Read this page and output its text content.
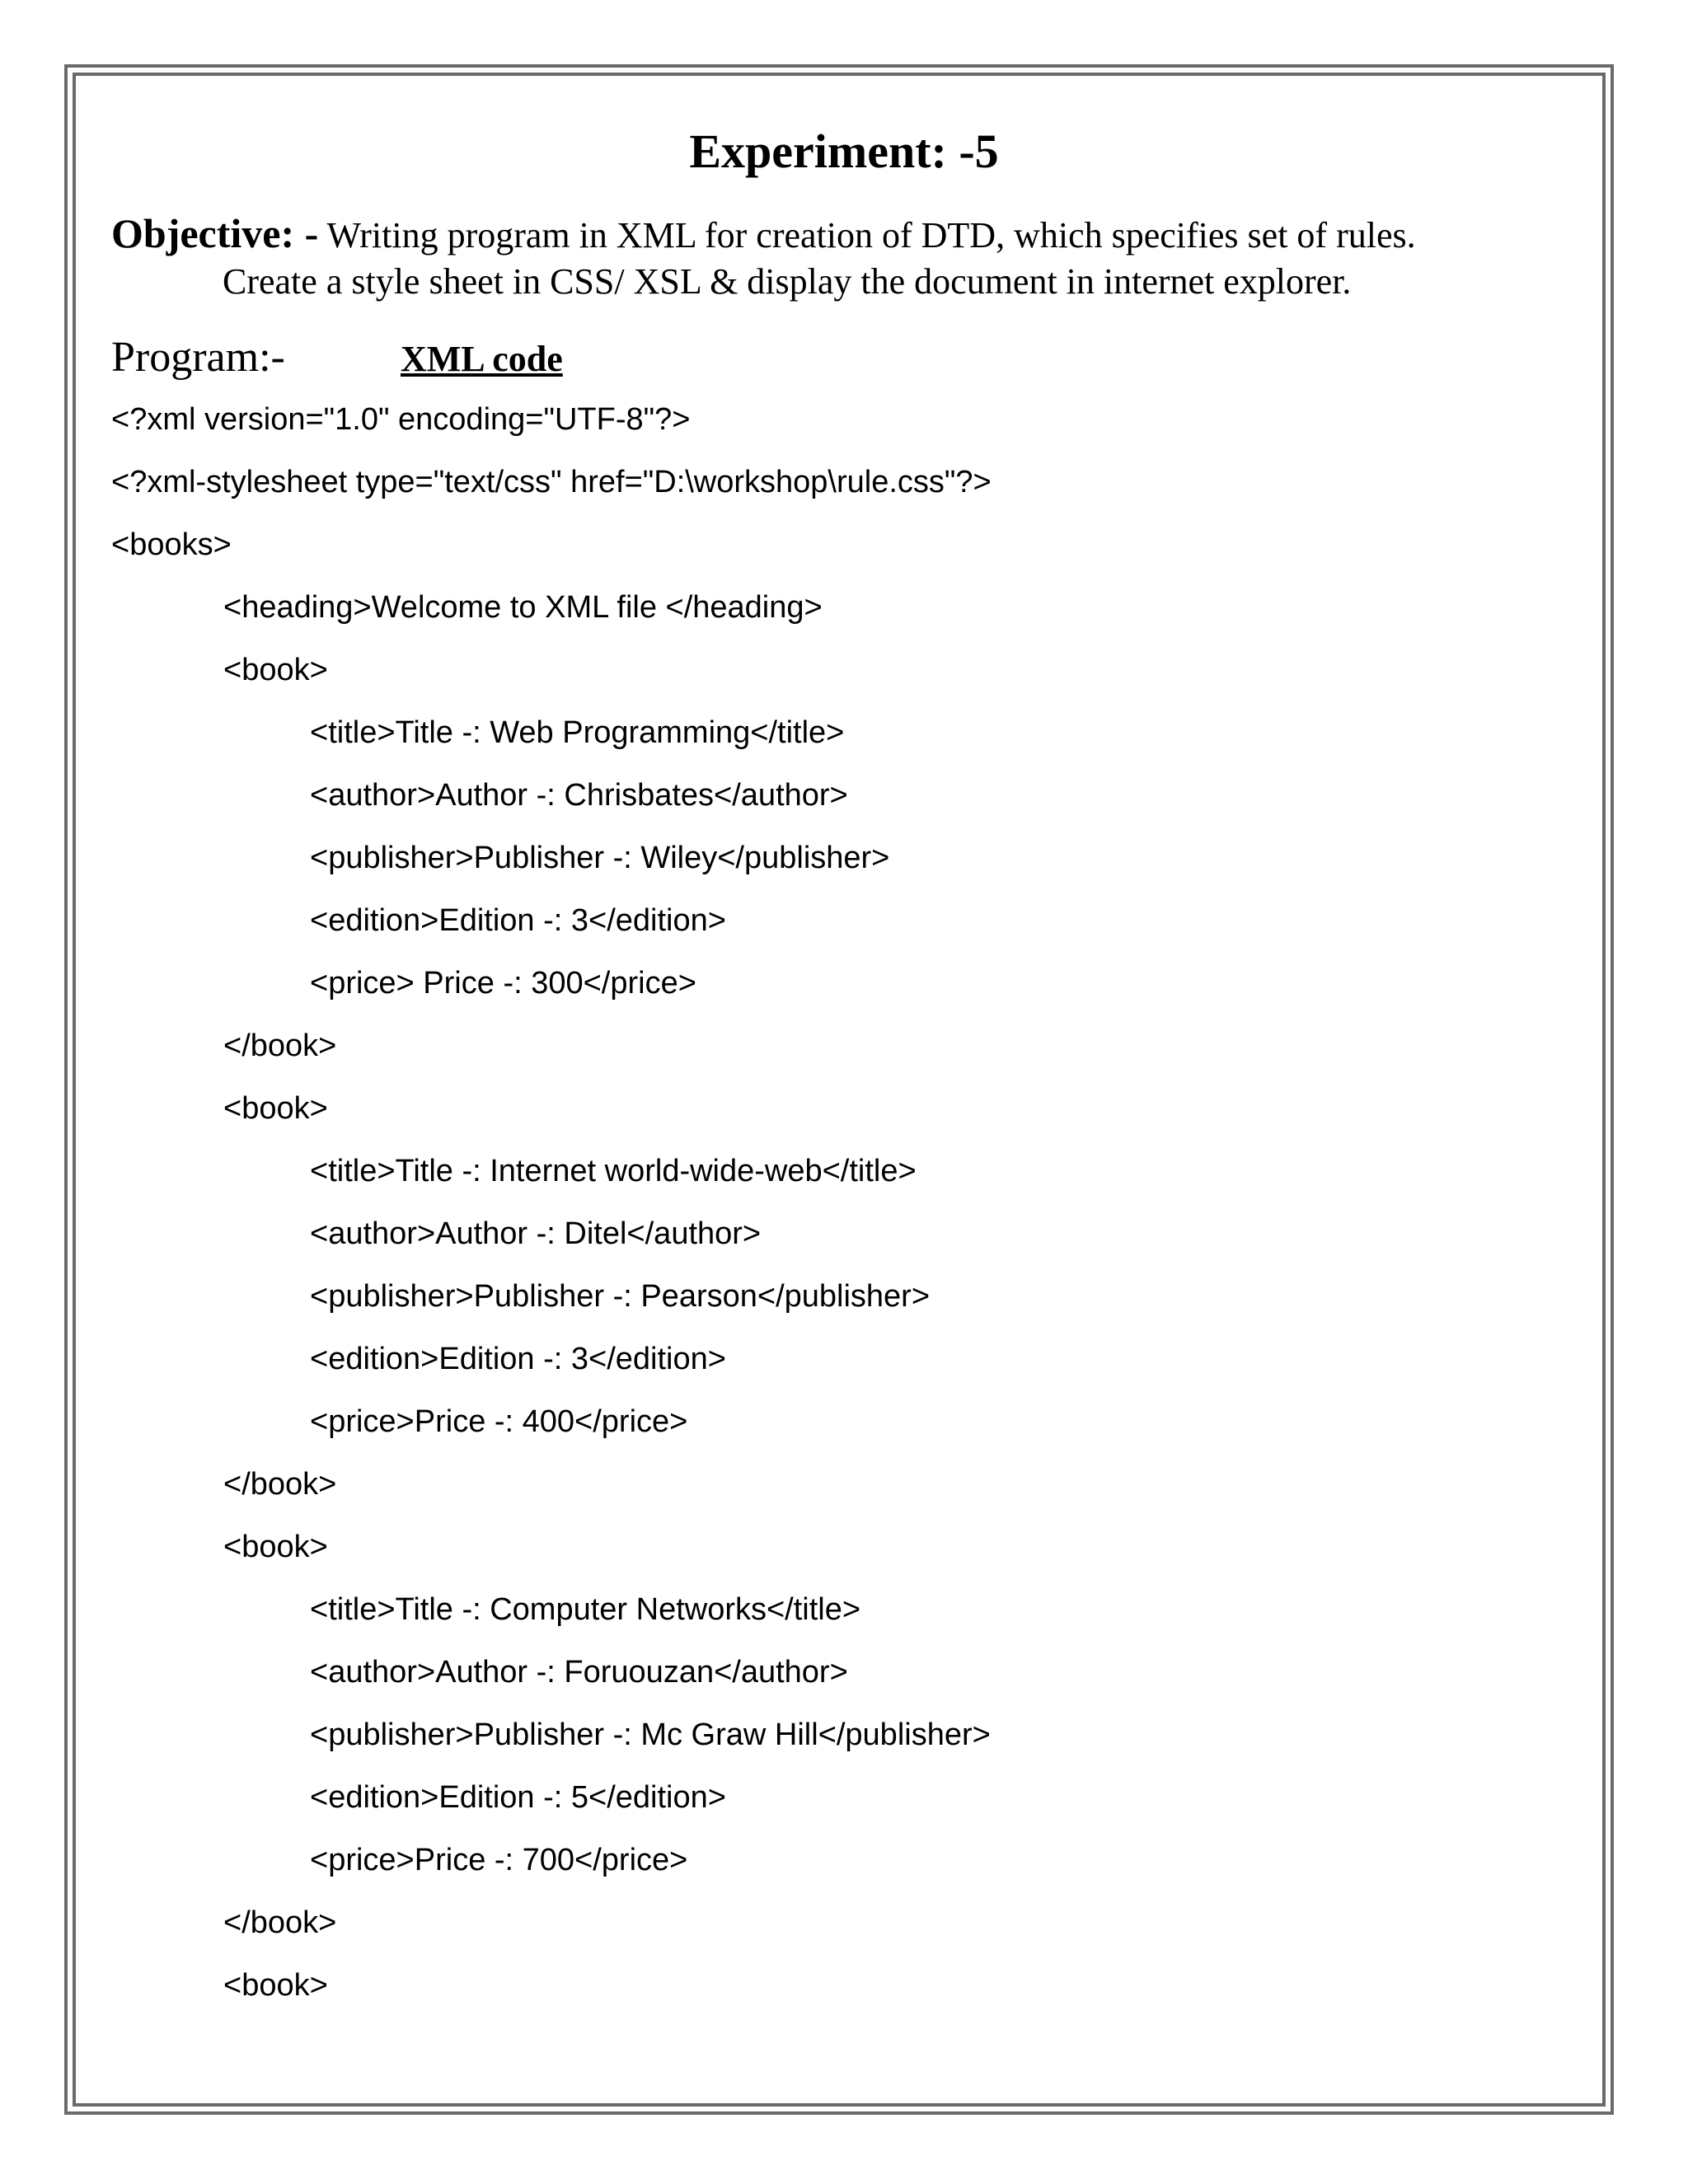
Experiment: -5
Objective: - Writing program in XML for creation of DTD, which specifies set of rules.
Create a style sheet in CSS/ XSL & display the document in internet explorer.
Program:-	XML code
<?xml version="1.0" encoding="UTF-8"?>
<?xml-stylesheet type="text/css" href="D:\workshop\rule.css"?>
<books>
<heading>Welcome to XML file </heading>
<book>
<title>Title -: Web Programming</title>
<author>Author -: Chrisbates</author>
<publisher>Publisher -: Wiley</publisher>
<edition>Edition -: 3</edition>
<price> Price -: 300</price>
</book>
<book>
<title>Title -: Internet world-wide-web</title>
<author>Author -: Ditel</author>
<publisher>Publisher -: Pearson</publisher>
<edition>Edition -: 3</edition>
<price>Price -: 400</price>
</book>
<book>
<title>Title -: Computer Networks</title>
<author>Author -: Foruouzan</author>
<publisher>Publisher -: Mc Graw Hill</publisher>
<edition>Edition -: 5</edition>
<price>Price -: 700</price>
</book>
<book>
